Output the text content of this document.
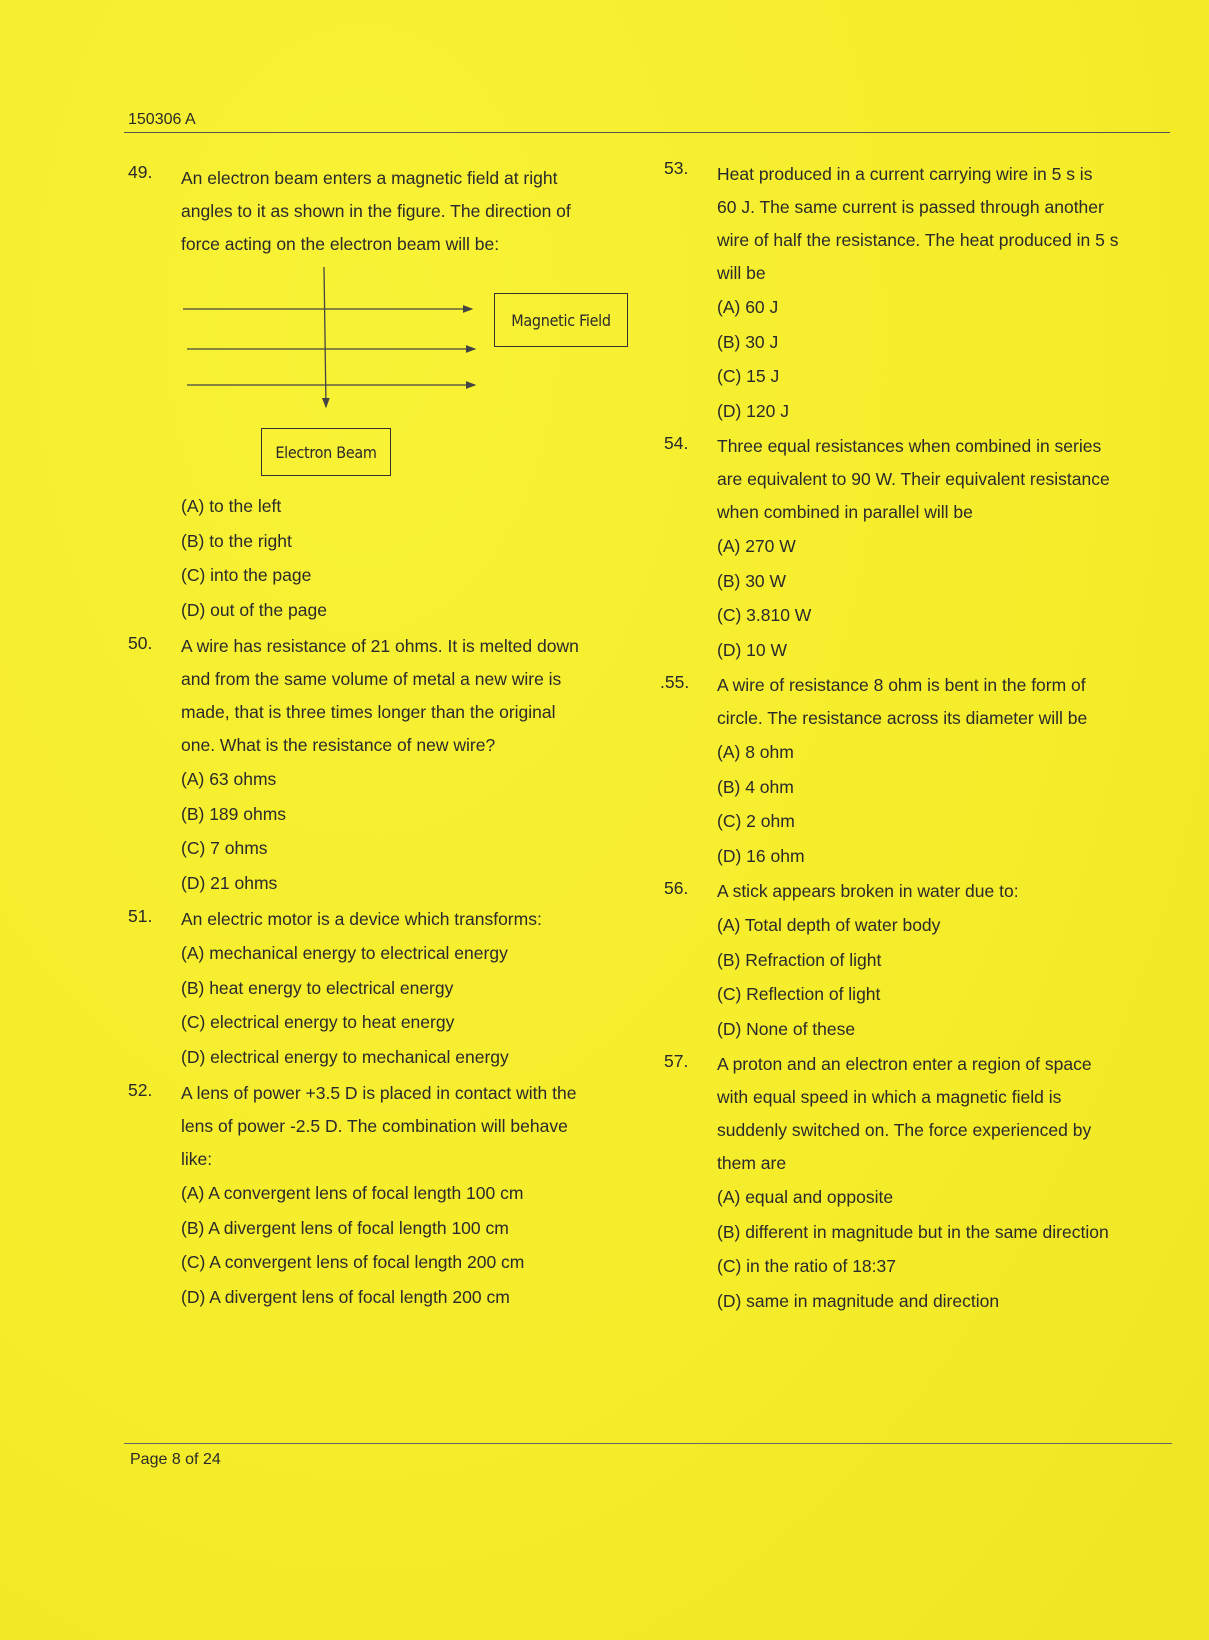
150306 A
49. An electron beam enters a magnetic field at right
angles to it as shown in the figure. The direction of
force acting on the electron beam will be:
Magnetic Field
Electron Beam
(A) to the left
(B) to the right
(C) into the page
(D) out of the page
50. A wire has resistance of 21 ohms. It is melted down
and from the same volume of metal a new wire is
made, that is three times longer than the original
one. What is the resistance of new wire?
(A) 63 ohms
(B) 189 ohms
(C) 7 ohms
(D) 21 ohms
51. An electric motor is a device which transforms:
(A) mechanical energy to electrical energy
(B) heat energy to electrical energy
(C) electrical energy to heat energy
(D) electrical energy to mechanical energy
52. A lens of power +3.5 D is placed in contact with the
lens of power -2.5 D. The combination will behave
like:
(A) A convergent lens of focal length 100 cm
(B) A divergent lens of focal length 100 cm
(C) A convergent lens of focal length 200 cm
(D) A divergent lens of focal length 200 cm
53. Heat produced in a current carrying wire in 5 s is
60 J. The same current is passed through another
wire of half the resistance. The heat produced in 5 s
will be
(A) 60 J
(B) 30 J
(C) 15 J
(D) 120 J
54. Three equal resistances when combined in series
are equivalent to 90 W. Their equivalent resistance
when combined in parallel will be
(A) 270 W
(B) 30 W
(C) 3.810 W
(D) 10 W
.55. A wire of resistance 8 ohm is bent in the form of
circle. The resistance across its diameter will be
(A) 8 ohm
(B) 4 ohm
(C) 2 ohm
(D) 16 ohm
56. A stick appears broken in water due to:
(A) Total depth of water body
(B) Refraction of light
(C) Reflection of light
(D) None of these
57. A proton and an electron enter a region of space
with equal speed in which a magnetic field is
suddenly switched on. The force experienced by
them are
(A) equal and opposite
(B) different in magnitude but in the same direction
(C) in the ratio of 18:37
(D) same in magnitude and direction
Page 8 of 24
